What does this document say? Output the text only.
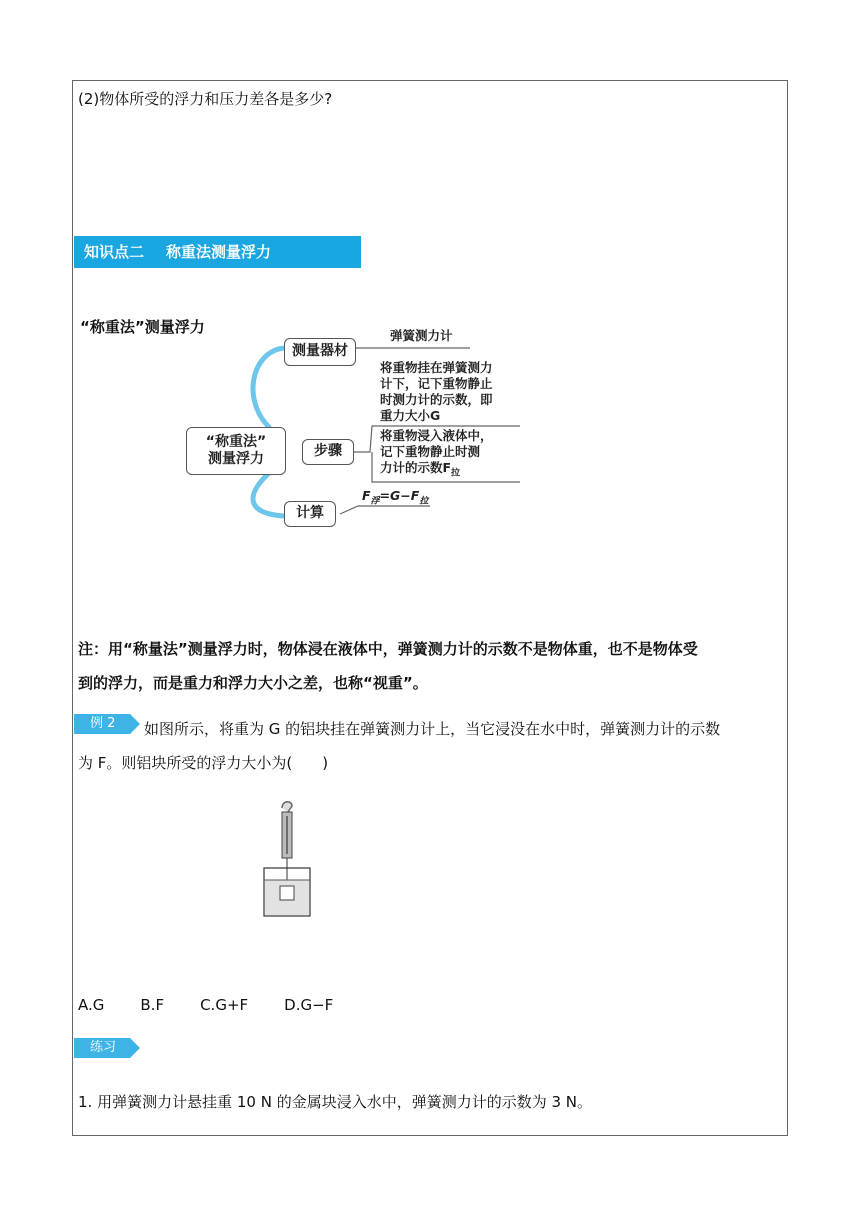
(2)物体所受的浮力和压力差各是多少?
知识点二 称重法测量浮力
“称重法”测量浮力
“称重法”
测量浮力
测量器材
步骤
计算
弹簧测力计
将重物挂在弹簧测力
计下，记下重物静止
时测力计的示数，即
重力大小G
将重物浸入液体中，
记下重物静止时测
力计的示数$F_拉$
$F_浮=G-F_拉$
注：用“称量法”测量浮力时，物体浸在液体中，弹簧测力计的示数不是物体重，也不是物体受
到的浮力，而是重力和浮力大小之差，也称“视重”。
例 2	如图所示，将重为 G 的铝块挂在弹簧测力计上，当它浸没在水中时，弹簧测力计的示数
为 F。则铝块所受的浮力大小为(　　)
A.G B.F C.G+F D.G−F
练习
1. 用弹簧测力计悬挂重 10 N 的金属块浸入水中，弹簧测力计的示数为 3 N。
